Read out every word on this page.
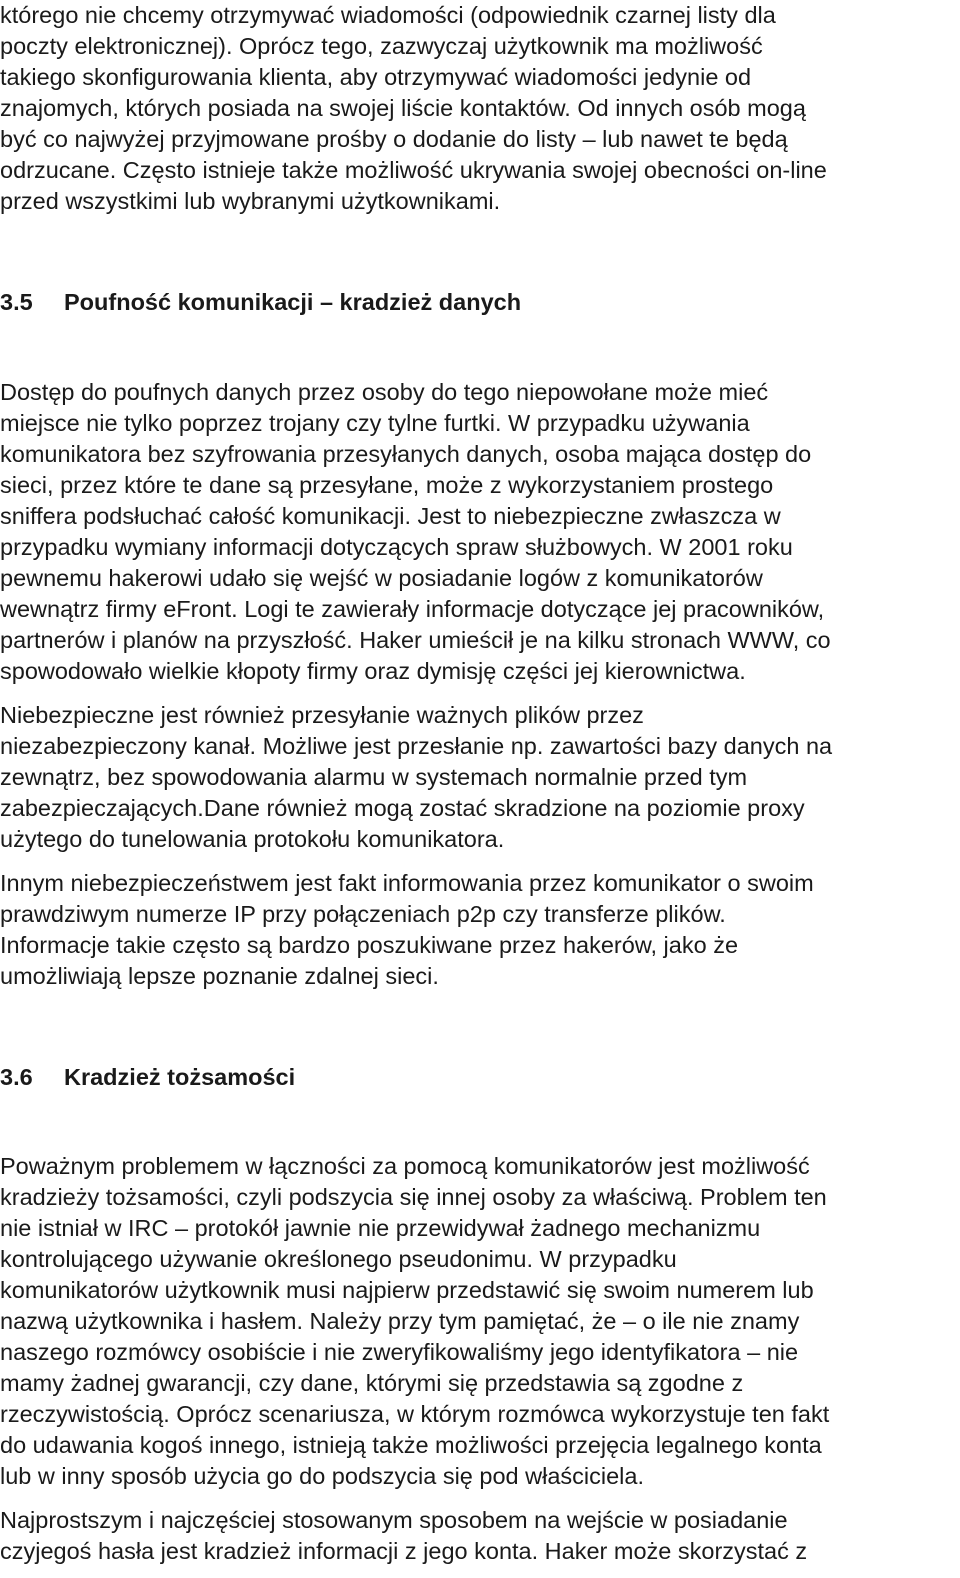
którego nie chcemy otrzymywać wiadomości (odpowiednik czarnej listy dla
poczty elektronicznej). Oprócz tego, zazwyczaj użytkownik ma możliwość
takiego skonfigurowania klienta, aby otrzymywać wiadomości jedynie od
znajomych, których posiada na swojej liście kontaktów. Od innych osób mogą
być co najwyżej przyjmowane prośby o dodanie do listy – lub nawet te będą
odrzucane. Często istnieje także możliwość ukrywania swojej obecności on-line
przed wszystkimi lub wybranymi użytkownikami.
3.5 Poufność komunikacji – kradzież danych
Dostęp do poufnych danych przez osoby do tego niepowołane może mieć
miejsce nie tylko poprzez trojany czy tylne furtki. W przypadku używania
komunikatora bez szyfrowania przesyłanych danych, osoba mająca dostęp do
sieci, przez które te dane są przesyłane, może z wykorzystaniem prostego
sniffera podsłuchać całość komunikacji. Jest to niebezpieczne zwłaszcza w
przypadku wymiany informacji dotyczących spraw służbowych. W 2001 roku
pewnemu hakerowi udało się wejść w posiadanie logów z komunikatorów
wewnątrz firmy eFront. Logi te zawierały informacje dotyczące jej pracowników,
partnerów i planów na przyszłość. Haker umieścił je na kilku stronach WWW, co
spowodowało wielkie kłopoty firmy oraz dymisję części jej kierownictwa.
Niebezpieczne jest również przesyłanie ważnych plików przez
niezabezpieczony kanał. Możliwe jest przesłanie np. zawartości bazy danych na
zewnątrz, bez spowodowania alarmu w systemach normalnie przed tym
zabezpieczających.Dane również mogą zostać skradzione na poziomie proxy
użytego do tunelowania protokołu komunikatora.
Innym niebezpieczeństwem jest fakt informowania przez komunikator o swoim
prawdziwym numerze IP przy połączeniach p2p czy transferze plików.
Informacje takie często są bardzo poszukiwane przez hakerów, jako że
umożliwiają lepsze poznanie zdalnej sieci.
3.6 Kradzież tożsamości
Poważnym problemem w łączności za pomocą komunikatorów jest możliwość
kradzieży tożsamości, czyli podszycia się innej osoby za właściwą. Problem ten
nie istniał w IRC – protokół jawnie nie przewidywał żadnego mechanizmu
kontrolującego używanie określonego pseudonimu. W przypadku
komunikatorów użytkownik musi najpierw przedstawić się swoim numerem lub
nazwą użytkownika i hasłem. Należy przy tym pamiętać, że – o ile nie znamy
naszego rozmówcy osobiście i nie zweryfikowaliśmy jego identyfikatora – nie
mamy żadnej gwarancji, czy dane, którymi się przedstawia są zgodne z
rzeczywistością. Oprócz scenariusza, w którym rozmówca wykorzystuje ten fakt
do udawania kogoś innego, istnieją także możliwości przejęcia legalnego konta
lub w inny sposób użycia go do podszycia się pod właściciela.
Najprostszym i najczęściej stosowanym sposobem na wejście w posiadanie
czyjegoś hasła jest kradzież informacji z jego konta. Haker może skorzystać z
